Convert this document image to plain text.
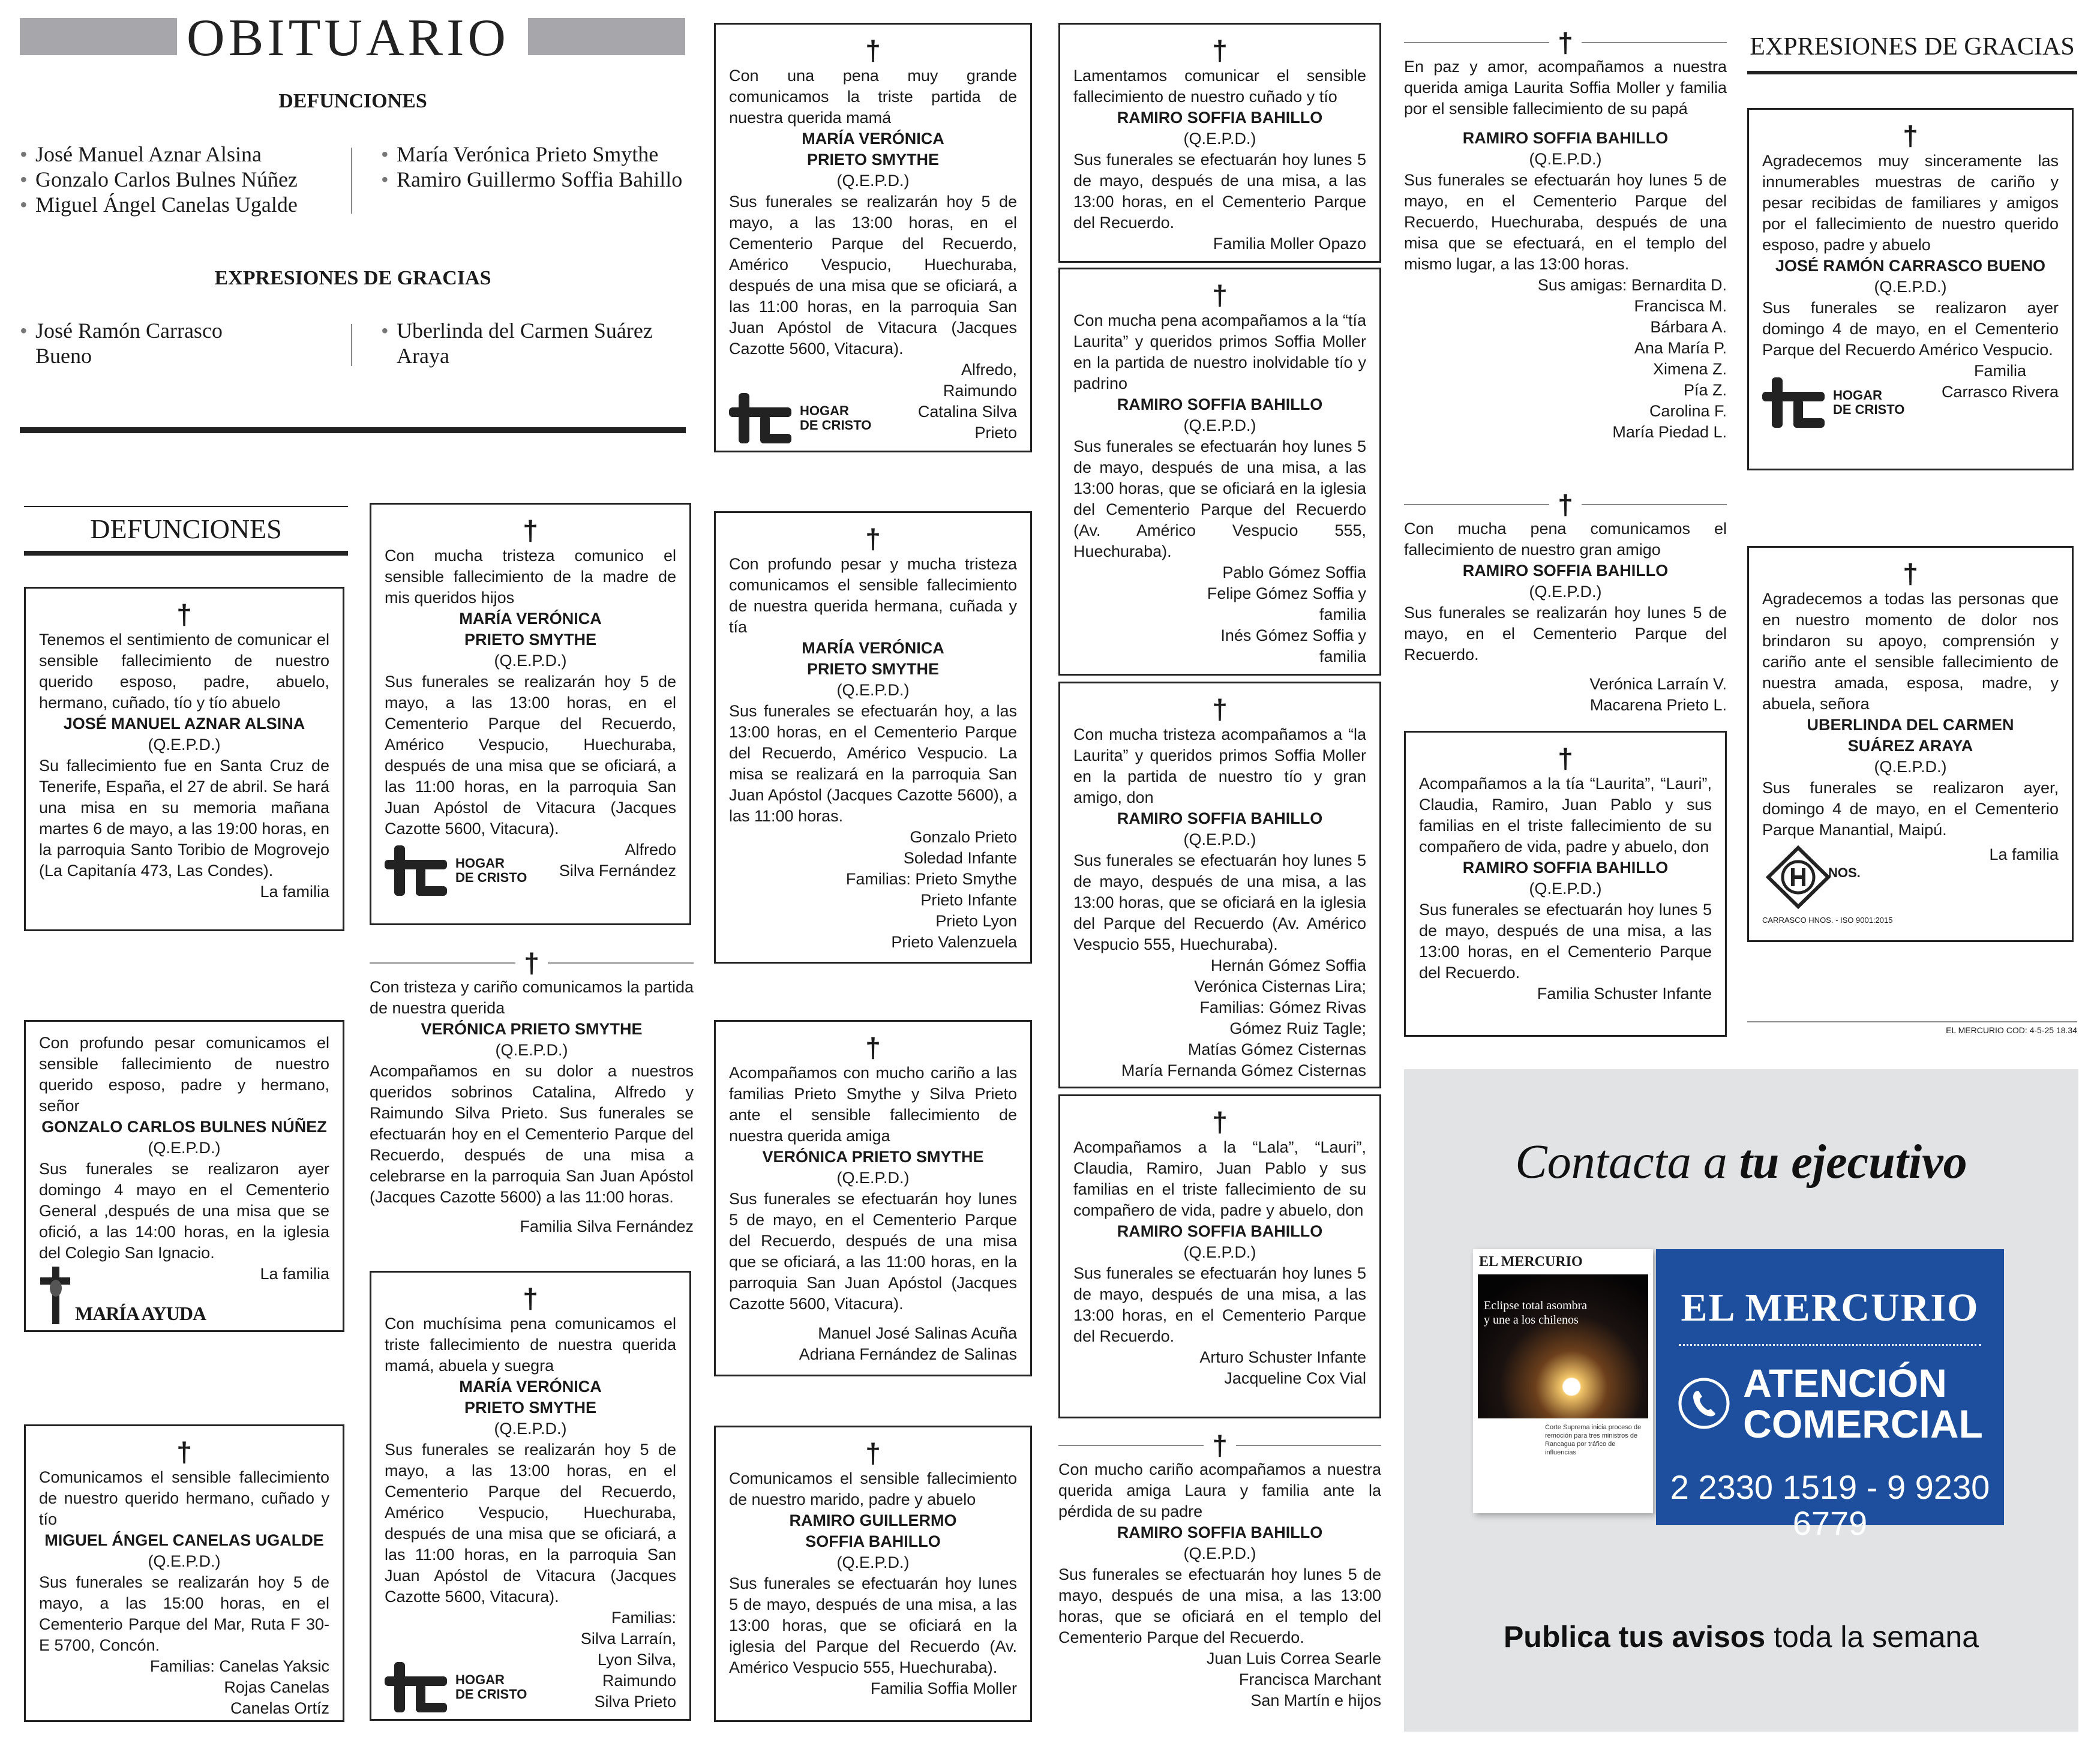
OBITUARIO
DEFUNCIONES
• José Manuel Aznar Alsina
• Gonzalo Carlos Bulnes Núñez
• Miguel Ángel Canelas Ugalde
• María Verónica Prieto Smythe
• Ramiro Guillermo Soffia Bahillo
EXPRESIONES DE GRACIAS
• José Ramón Carrasco Bueno
• Uberlinda del Carmen Suárez Araya
DEFUNCIONES
†
Tenemos el sentimiento de comunicar el sensible fallecimiento de nuestro querido esposo, padre, abuelo, hermano, cuñado, tío y tío abuelo
JOSÉ MANUEL AZNAR ALSINA
(Q.E.P.D.)
Su fallecimiento fue en Santa Cruz de Tenerife, España, el 27 de abril. Se hará una misa en su memoria mañana martes 6 de mayo, a las 19:00 horas, en la parroquia Santo Toribio de Mogrovejo (La Capitanía 473, Las Condes).
La familia
Con profundo pesar comunicamos el sensible fallecimiento de nuestro querido esposo, padre y hermano, señor
GONZALO CARLOS BULNES NÚÑEZ
(Q.E.P.D.)
Sus funerales se realizaron ayer domingo 4 mayo en el Cementerio General ,después de una misa que se ofició, a las 14:00 horas, en la iglesia del Colegio San Ignacio.
La familia
MARÍA AYUDA
†
Comunicamos el sensible fallecimiento de nuestro querido hermano, cuñado y tío
MIGUEL ÁNGEL CANELAS UGALDE
(Q.E.P.D.)
Sus funerales se realizarán hoy 5 de mayo, a las 15:00 horas, en el Cementerio Parque del Mar, Ruta F 30-E 5700, Concón.
Familias: Canelas Yaksic
Rojas Canelas
Canelas Ortíz
†
Con mucha tristeza comunico el sensible fallecimiento de la madre de mis queridos hijos
MARÍA VERÓNICA
PRIETO SMYTHE
(Q.E.P.D.)
Sus funerales se realizarán hoy 5 de mayo, a las 13:00 horas, en el Cementerio Parque del Recuerdo, Américo Vespucio, Huechuraba, después de una misa que se oficiará, a las 11:00 horas, en la parroquia San Juan Apóstol de Vitacura (Jacques Cazotte 5600, Vitacura).
Alfredo
Silva Fernández
HOGAR
DE CRISTO
†
Con tristeza y cariño comunicamos la partida de nuestra querida
VERÓNICA PRIETO SMYTHE
(Q.E.P.D.)
Acompañamos en su dolor a nuestros queridos sobrinos Catalina, Alfredo y Raimundo Silva Prieto. Sus funerales se efectuarán hoy en el Cementerio Parque del Recuerdo, después de una misa a celebrarse en la parroquia San Juan Apóstol (Jacques Cazotte 5600) a las 11:00 horas.
Familia Silva Fernández
†
Con muchísima pena comunicamos el triste fallecimiento de nuestra querida mamá, abuela y suegra
MARÍA VERÓNICA
PRIETO SMYTHE
(Q.E.P.D.)
Sus funerales se realizarán hoy 5 de mayo, a las 13:00 horas, en el Cementerio Parque del Recuerdo, Américo Vespucio, Huechuraba, después de una misa que se oficiará, a las 11:00 horas, en la parroquia San Juan Apóstol de Vitacura (Jacques Cazotte 5600, Vitacura).
HOGAR
DE CRISTO
Familias:
Silva Larraín,
Lyon Silva,
Raimundo
Silva Prieto
†
Con una pena muy grande comunicamos la triste partida de nuestra querida mamá
MARÍA VERÓNICA
PRIETO SMYTHE
(Q.E.P.D.)
Sus funerales se realizarán hoy 5 de mayo, a las 13:00 horas, en el Cementerio Parque del Recuerdo, Américo Vespucio, Huechuraba, después de una misa que se oficiará, a las 11:00 horas, en la parroquia San Juan Apóstol de Vitacura (Jacques Cazotte 5600, Vitacura).
HOGAR
DE CRISTO
Alfredo,
Raimundo
Catalina Silva
Prieto
†
Con profundo pesar y mucha tristeza comunicamos el sensible fallecimiento de nuestra querida hermana, cuñada y tía
MARÍA VERÓNICA
PRIETO SMYTHE
(Q.E.P.D.)
Sus funerales se efectuarán hoy, a las 13:00 horas, en el Cementerio Parque del Recuerdo, Américo Vespucio. La misa se realizará en la parroquia San Juan Apóstol (Jacques Cazotte 5600), a las 11:00 horas.
Gonzalo Prieto
Soledad Infante
Familias: Prieto Smythe
Prieto Infante
Prieto Lyon
Prieto Valenzuela
†
Acompañamos con mucho cariño a las familias Prieto Smythe y Silva Prieto ante el sensible fallecimiento de nuestra querida amiga
VERÓNICA PRIETO SMYTHE
(Q.E.P.D.)
Sus funerales se efectuarán hoy lunes 5 de mayo, en el Cementerio Parque del Recuerdo, después de una misa que se oficiará, a las 11:00 horas, en la parroquia San Juan Apóstol (Jacques Cazotte 5600, Vitacura).
Manuel José Salinas Acuña
Adriana Fernández de Salinas
†
Comunicamos el sensible fallecimiento de nuestro marido, padre y abuelo
RAMIRO GUILLERMO
SOFFIA BAHILLO
(Q.E.P.D.)
Sus funerales se efectuarán hoy lunes 5 de mayo, después de una misa, a las 13:00 horas, que se oficiará en la iglesia del Parque del Recuerdo (Av. Américo Vespucio 555, Huechuraba).
Familia Soffia Moller
†
Lamentamos comunicar el sensible fallecimiento de nuestro cuñado y tío
RAMIRO SOFFIA BAHILLO
(Q.E.P.D.)
Sus funerales se efectuarán hoy lunes 5 de mayo, después de una misa, a las 13:00 horas, en el Cementerio Parque del Recuerdo.
Familia Moller Opazo
†
Con mucha pena acompañamos a la “tía Laurita” y queridos primos Soffia Moller en la partida de nuestro inolvidable tío y padrino
RAMIRO SOFFIA BAHILLO
(Q.E.P.D.)
Sus funerales se efectuarán hoy lunes 5 de mayo, después de una misa, a las 13:00 horas, que se oficiará en la iglesia del Cementerio Parque del Recuerdo (Av. Américo Vespucio 555, Huechuraba).
Pablo Gómez Soffia
Felipe Gómez Soffia y
familia
Inés Gómez Soffia y
familia
†
Con mucha tristeza acompañamos a “la Laurita” y queridos primos Soffia Moller en la partida de nuestro tío y gran amigo, don
RAMIRO SOFFIA BAHILLO
(Q.E.P.D.)
Sus funerales se efectuarán hoy lunes 5 de mayo, después de una misa, a las 13:00 horas, que se oficiará en la iglesia del Parque del Recuerdo (Av. Américo Vespucio 555, Huechuraba).
Hernán Gómez Soffia
Verónica Cisternas Lira;
Familias: Gómez Rivas
Gómez Ruiz Tagle;
Matías Gómez Cisternas
María Fernanda Gómez Cisternas
†
Acompañamos a la “Lala”, “Lauri”, Claudia, Ramiro, Juan Pablo y sus familias en el triste fallecimiento de su compañero de vida, padre y abuelo, don
RAMIRO SOFFIA BAHILLO
(Q.E.P.D.)
Sus funerales se efectuarán hoy lunes 5 de mayo, después de una misa, a las 13:00 horas, en el Cementerio Parque del Recuerdo.
Arturo Schuster Infante
Jacqueline Cox Vial
†
Con mucho cariño acompañamos a nuestra querida amiga Laura y familia ante la pérdida de su padre
RAMIRO SOFFIA BAHILLO
(Q.E.P.D.)
Sus funerales se efectuarán hoy lunes 5 de mayo, después de una misa, a las 13:00 horas, que se oficiará en el templo del Cementerio Parque del Recuerdo.
Juan Luis Correa Searle
Francisca Marchant
San Martín e hijos
†
En paz y amor, acompañamos a nuestra querida amiga Laurita Soffia Moller y familia por el sensible fallecimiento de su papá
RAMIRO SOFFIA BAHILLO
(Q.E.P.D.)
Sus funerales se efectuarán hoy lunes 5 de mayo, en el Cementerio Parque del Recuerdo, Huechuraba, después de una misa que se efectuará, en el templo del mismo lugar, a las 13:00 horas.
Sus amigas: Bernardita D.
Francisca M.
Bárbara A.
Ana María P.
Ximena Z.
Pía Z.
Carolina F.
María Piedad L.
†
Con mucha pena comunicamos el fallecimiento de nuestro gran amigo
RAMIRO SOFFIA BAHILLO
(Q.E.P.D.)
Sus funerales se realizarán hoy lunes 5 de mayo, en el Cementerio Parque del Recuerdo.
Verónica Larraín V.
Macarena Prieto L.
†
Acompañamos a la tía “Laurita”, “Lauri”, Claudia, Ramiro, Juan Pablo y sus familias en el triste fallecimiento de su compañero de vida, padre y abuelo, don
RAMIRO SOFFIA BAHILLO
(Q.E.P.D.)
Sus funerales se efectuarán hoy lunes 5 de mayo, después de una misa, a las 13:00 horas, en el Cementerio Parque del Recuerdo.
Familia Schuster Infante
EXPRESIONES DE GRACIAS
†
Agradecemos muy sinceramente las innumerables muestras de cariño y pesar recibidas de familiares y amigos por el fallecimiento de nuestro querido esposo, padre y abuelo
JOSÉ RAMÓN CARRASCO BUENO
(Q.E.P.D.)
Sus funerales se realizaron ayer domingo 4 de mayo, en el Cementerio Parque del Recuerdo Américo Vespucio.
HOGAR
DE CRISTO
Familia
Carrasco Rivera
†
Agradecemos a todas las personas que en nuestro momento de dolor nos brindaron su apoyo, comprensión y cariño ante el sensible fallecimiento de nuestra amada, esposa, madre, y abuela, señora
UBERLINDA DEL CARMEN
SUÁREZ ARAYA
(Q.E.P.D.)
Sus funerales se realizaron ayer, domingo 4 de mayo, en el Cementerio Parque Manantial, Maipú.
NOS.
CARRASCO HNOS. - ISO 9001:2015
La familia
EL MERCURIO COD: 4-5-25 18.34
Contacta a tu ejecutivo
EL MERCURIO
Eclipse total asombra y une a los chilenos
Corte Suprema inicia proceso de remoción para tres ministros de Rancagua por tráfico de influencias
EL MERCURIO
ATENCIÓN
COMERCIAL
2 2330 1519 - 9 9230 6779
Publica tus avisos toda la semana
